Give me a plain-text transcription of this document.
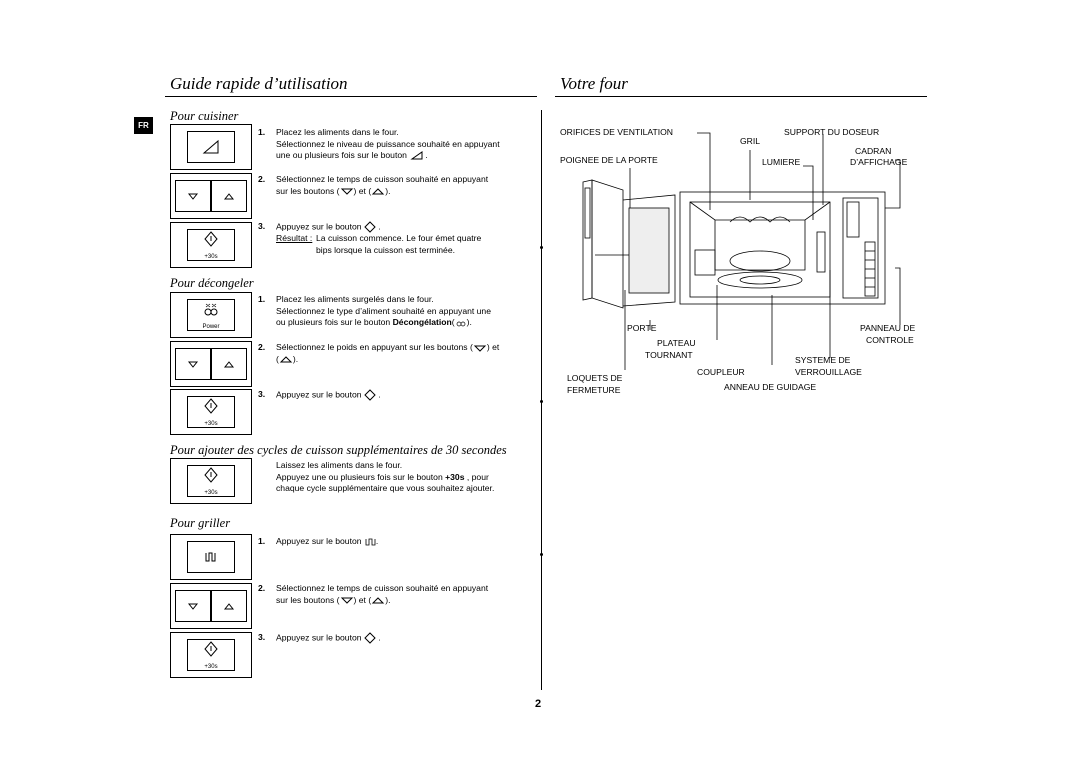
Guide rapide d’utilisation	Votre four
FR
Pour cuisiner
+30s
1. Placez les aliments dans le four.
Sélectionnez le niveau de puissance souhaité en appuyant
une ou plusieurs fois sur le bouton .
2. Sélectionnez le temps de cuisson souhaité en appuyant
sur les boutons ( ) et ( ).
3. Appuyez sur le bouton .
Résultat : La cuisson commence. Le four émet quatre
bips lorsque la cuisson est terminée.
Pour décongeler
Power
+30s
1. Placez les aliments surgelés dans le four.
Sélectionnez le type d’aliment souhaité en appuyant une
ou plusieurs fois sur le bouton Décongélation( ).
2. Sélectionnez le poids en appuyant sur les boutons ( ) et
( ).
3. Appuyez sur le bouton .
Pour ajouter des cycles de cuisson supplémentaires de 30 secondes
+30s
Laissez les aliments dans le four.
Appuyez une ou plusieurs fois sur le bouton +30s , pour
chaque cycle supplémentaire que vous souhaitez ajouter.
Pour griller
+30s
1. Appuyez sur le bouton .
2. Sélectionnez le temps de cuisson souhaité en appuyant
sur les boutons ( ) et ( ).
3. Appuyez sur le bouton .
2
ORIFICES DE VENTILATION
GRIL
SUPPORT DU DOSEUR
CADRAN
D’AFFICHAGE
POIGNEE DE LA PORTE	LUMIERE
PORTE
PLATEAU
TOURNANT
PANNEAU DE
CONTROLE
SYSTEME DE
VERROUILLAGE
LOQUETS DE
FERMETURE
COUPLEUR
ANNEAU DE GUIDAGE
